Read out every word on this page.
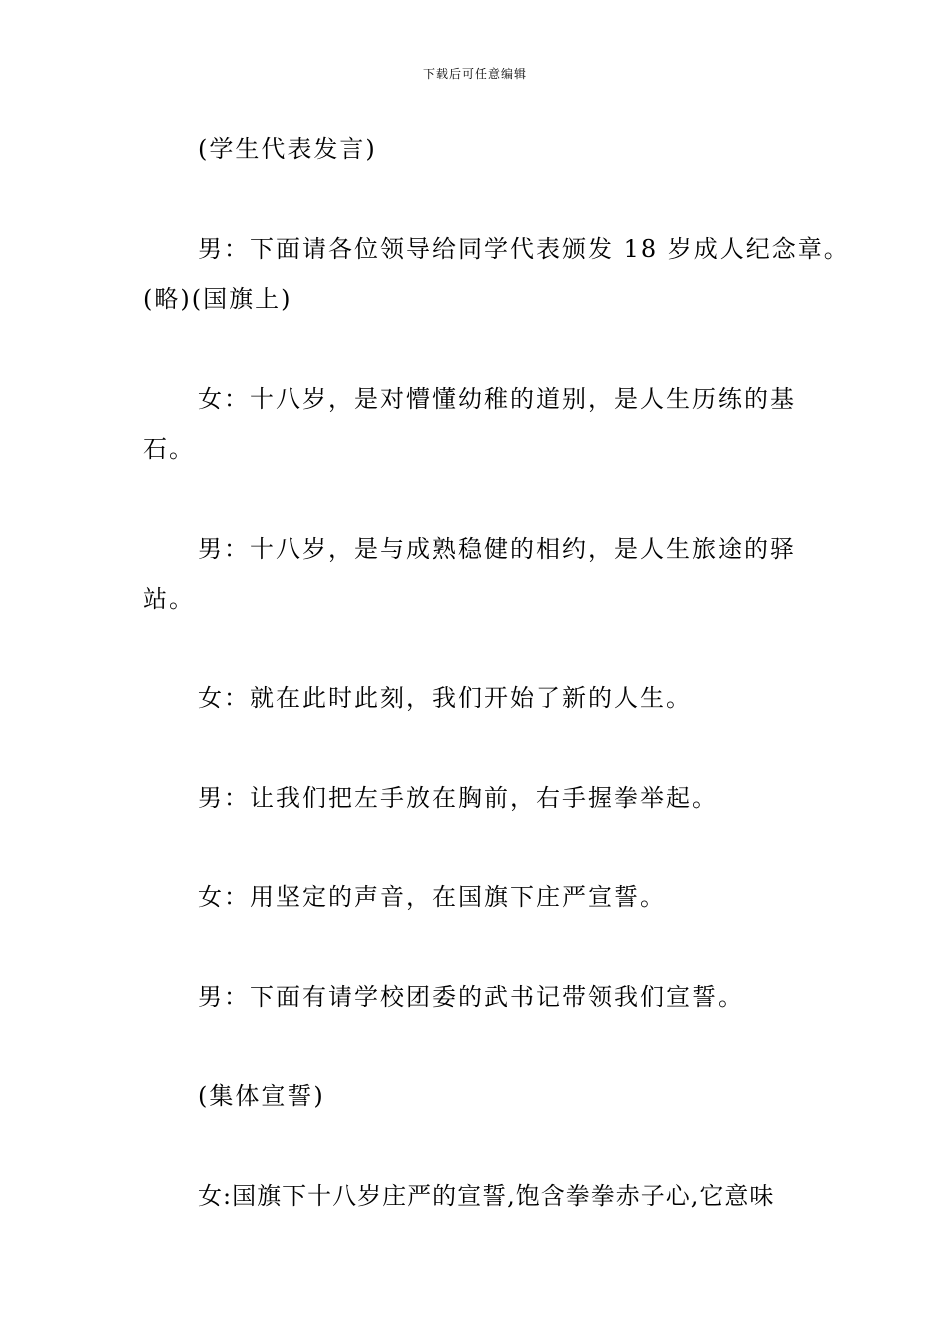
下载后可任意编辑
(学生代表发言)
男：下面请各位领导给同学代表颁发 18 岁成人纪念章。
(略)(国旗上)
女：十八岁，是对懵懂幼稚的道别，是人生历练的基
石。
男：十八岁，是与成熟稳健的相约，是人生旅途的驿
站。
女：就在此时此刻，我们开始了新的人生。
男：让我们把左手放在胸前，右手握拳举起。
女：用坚定的声音，在国旗下庄严宣誓。
男：下面有请学校团委的武书记带领我们宣誓。
(集体宣誓)
女:国旗下十八岁庄严的宣誓,饱含拳拳赤子心,它意味
